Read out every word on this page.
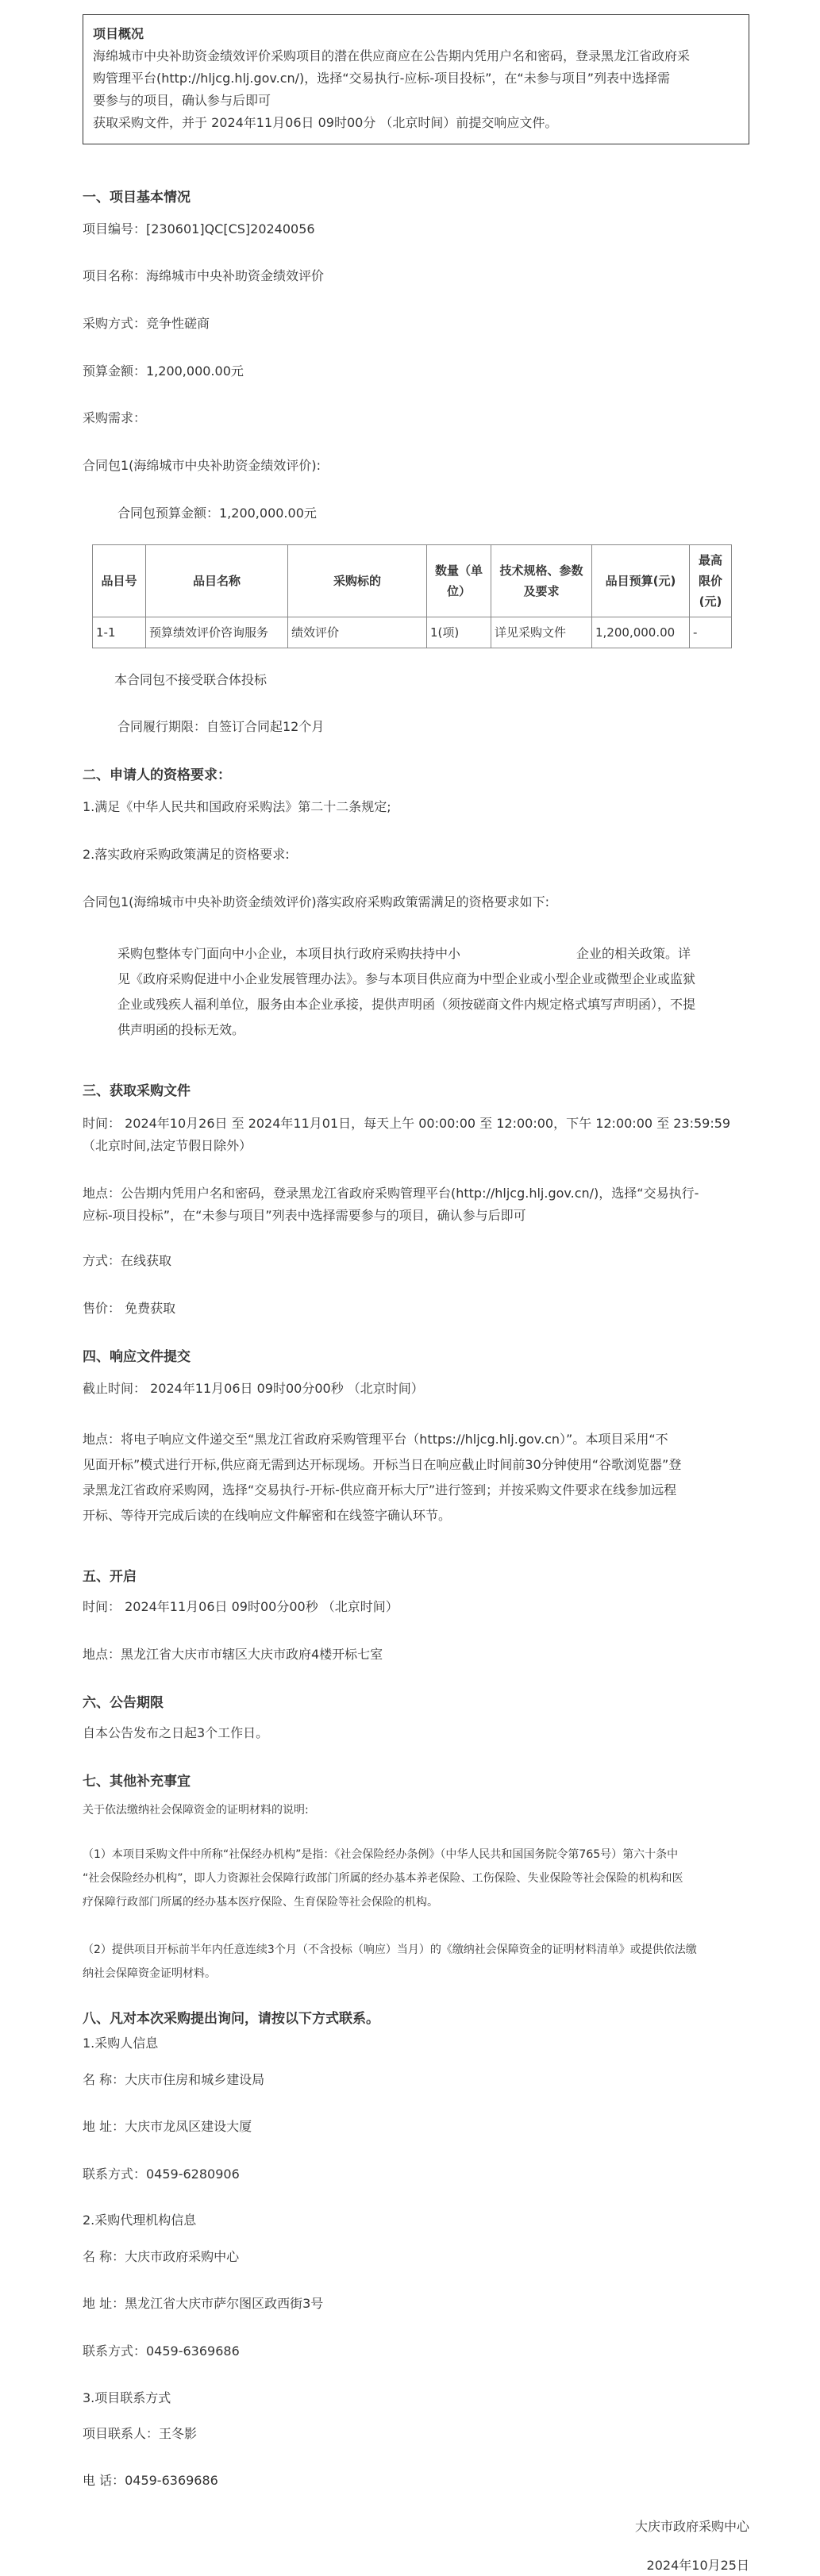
项目概况
海绵城市中央补助资金绩效评价采购项目的潜在供应商应在公告期内凭用户名和密码，登录黑龙江省政府采
购管理平台(http://hljcg.hlj.gov.cn/)，选择“交易执行-应标-项目投标”，在“未参与项目”列表中选择需
要参与的项目，确认参与后即可
获取采购文件，并于 2024年11月06日 09时00分 （北京时间）前提交响应文件。
一、项目基本情况

项目编号：[230601]QC[CS]20240056

项目名称：海绵城市中央补助资金绩效评价

采购方式：竞争性磋商

预算金额：1,200,000.00元

采购需求：

合同包1(海绵城市中央补助资金绩效评价):

合同包预算金额：1,200,000.00元

品目号	品目名称	采购标的	数量（单位）	技术规格、参数及要求	品目预算(元)	最高限价(元)
1-1	预算绩效评价咨询服务	绩效评价	1(项)	详见采购文件	1,200,000.00	-

本合同包不接受联合体投标

合同履行期限：自签订合同起12个月

二、申请人的资格要求：

1.满足《中华人民共和国政府采购法》第二十二条规定;

2.落实政府采购政策满足的资格要求:

合同包1(海绵城市中央补助资金绩效评价)落实政府采购政策需满足的资格要求如下:

采购包整体专门面向中小企业，本项目执行政府采购扶持中小	企业的相关政策。详
见《政府采购促进中小企业发展管理办法》。参与本项目供应商为中型企业或小型企业或微型企业或监狱
企业或残疾人福利单位，服务由本企业承接，提供声明函（须按磋商文件内规定格式填写声明函），不提
供声明函的投标无效。
三、获取采购文件
时间： 2024年10月26日 至 2024年11月01日，每天上午 00:00:00 至 12:00:00，下午 12:00:00 至 23:59:59
（北京时间,法定节假日除外）
地点：公告期内凭用户名和密码，登录黑龙江省政府采购管理平台(http://hljcg.hlj.gov.cn/)，选择“交易执行-
应标-项目投标”，在“未参与项目”列表中选择需要参与的项目，确认参与后即可

方式：在线获取

售价： 免费获取

四、响应文件提交

截止时间： 2024年11月06日 09时00分00秒 （北京时间）

地点：将电子响应文件递交至“黑龙江省政府采购管理平台（https://hljcg.hlj.gov.cn）”。本项目采用“不
见面开标”模式进行开标,供应商无需到达开标现场。开标当日在响应截止时间前30分钟使用“谷歌浏览器”登
录黑龙江省政府采购网，选择“交易执行-开标-供应商开标大厅”进行签到；并按采购文件要求在线参加远程
开标、等待开完成后读的在线响应文件解密和在线签字确认环节。
五、开启

时间： 2024年11月06日 09时00分00秒 （北京时间）

地点：黑龙江省大庆市市辖区大庆市政府4楼开标七室

六、公告期限

自本公告发布之日起3个工作日。

七、其他补充事宜

关于依法缴纳社会保障资金的证明材料的说明:

（1）本项目采购文件中所称“社保经办机构”是指：《社会保险经办条例》（中华人民共和国国务院令第765号）第六十条中
“社会保险经办机构”，即人力资源社会保障行政部门所属的经办基本养老保险、工伤保险、失业保险等社会保险的机构和医
疗保障行政部门所属的经办基本医疗保险、生育保险等社会保险的机构。
（2）提供项目开标前半年内任意连续3个月（不含投标（响应）当月）的《缴纳社会保障资金的证明材料清单》或提供依法缴
纳社会保障资金证明材料。
八、凡对本次采购提出询问，请按以下方式联系。

1.采购人信息

名 称：大庆市住房和城乡建设局

地 址：大庆市龙凤区建设大厦

联系方式：0459-6280906

2.采购代理机构信息

名 称：大庆市政府采购中心

地 址：黑龙江省大庆市萨尔图区政西街3号

联系方式：0459-6369686

3.项目联系方式

项目联系人：王冬影

电 话：0459-6369686

大庆市政府采购中心

2024年10月25日
